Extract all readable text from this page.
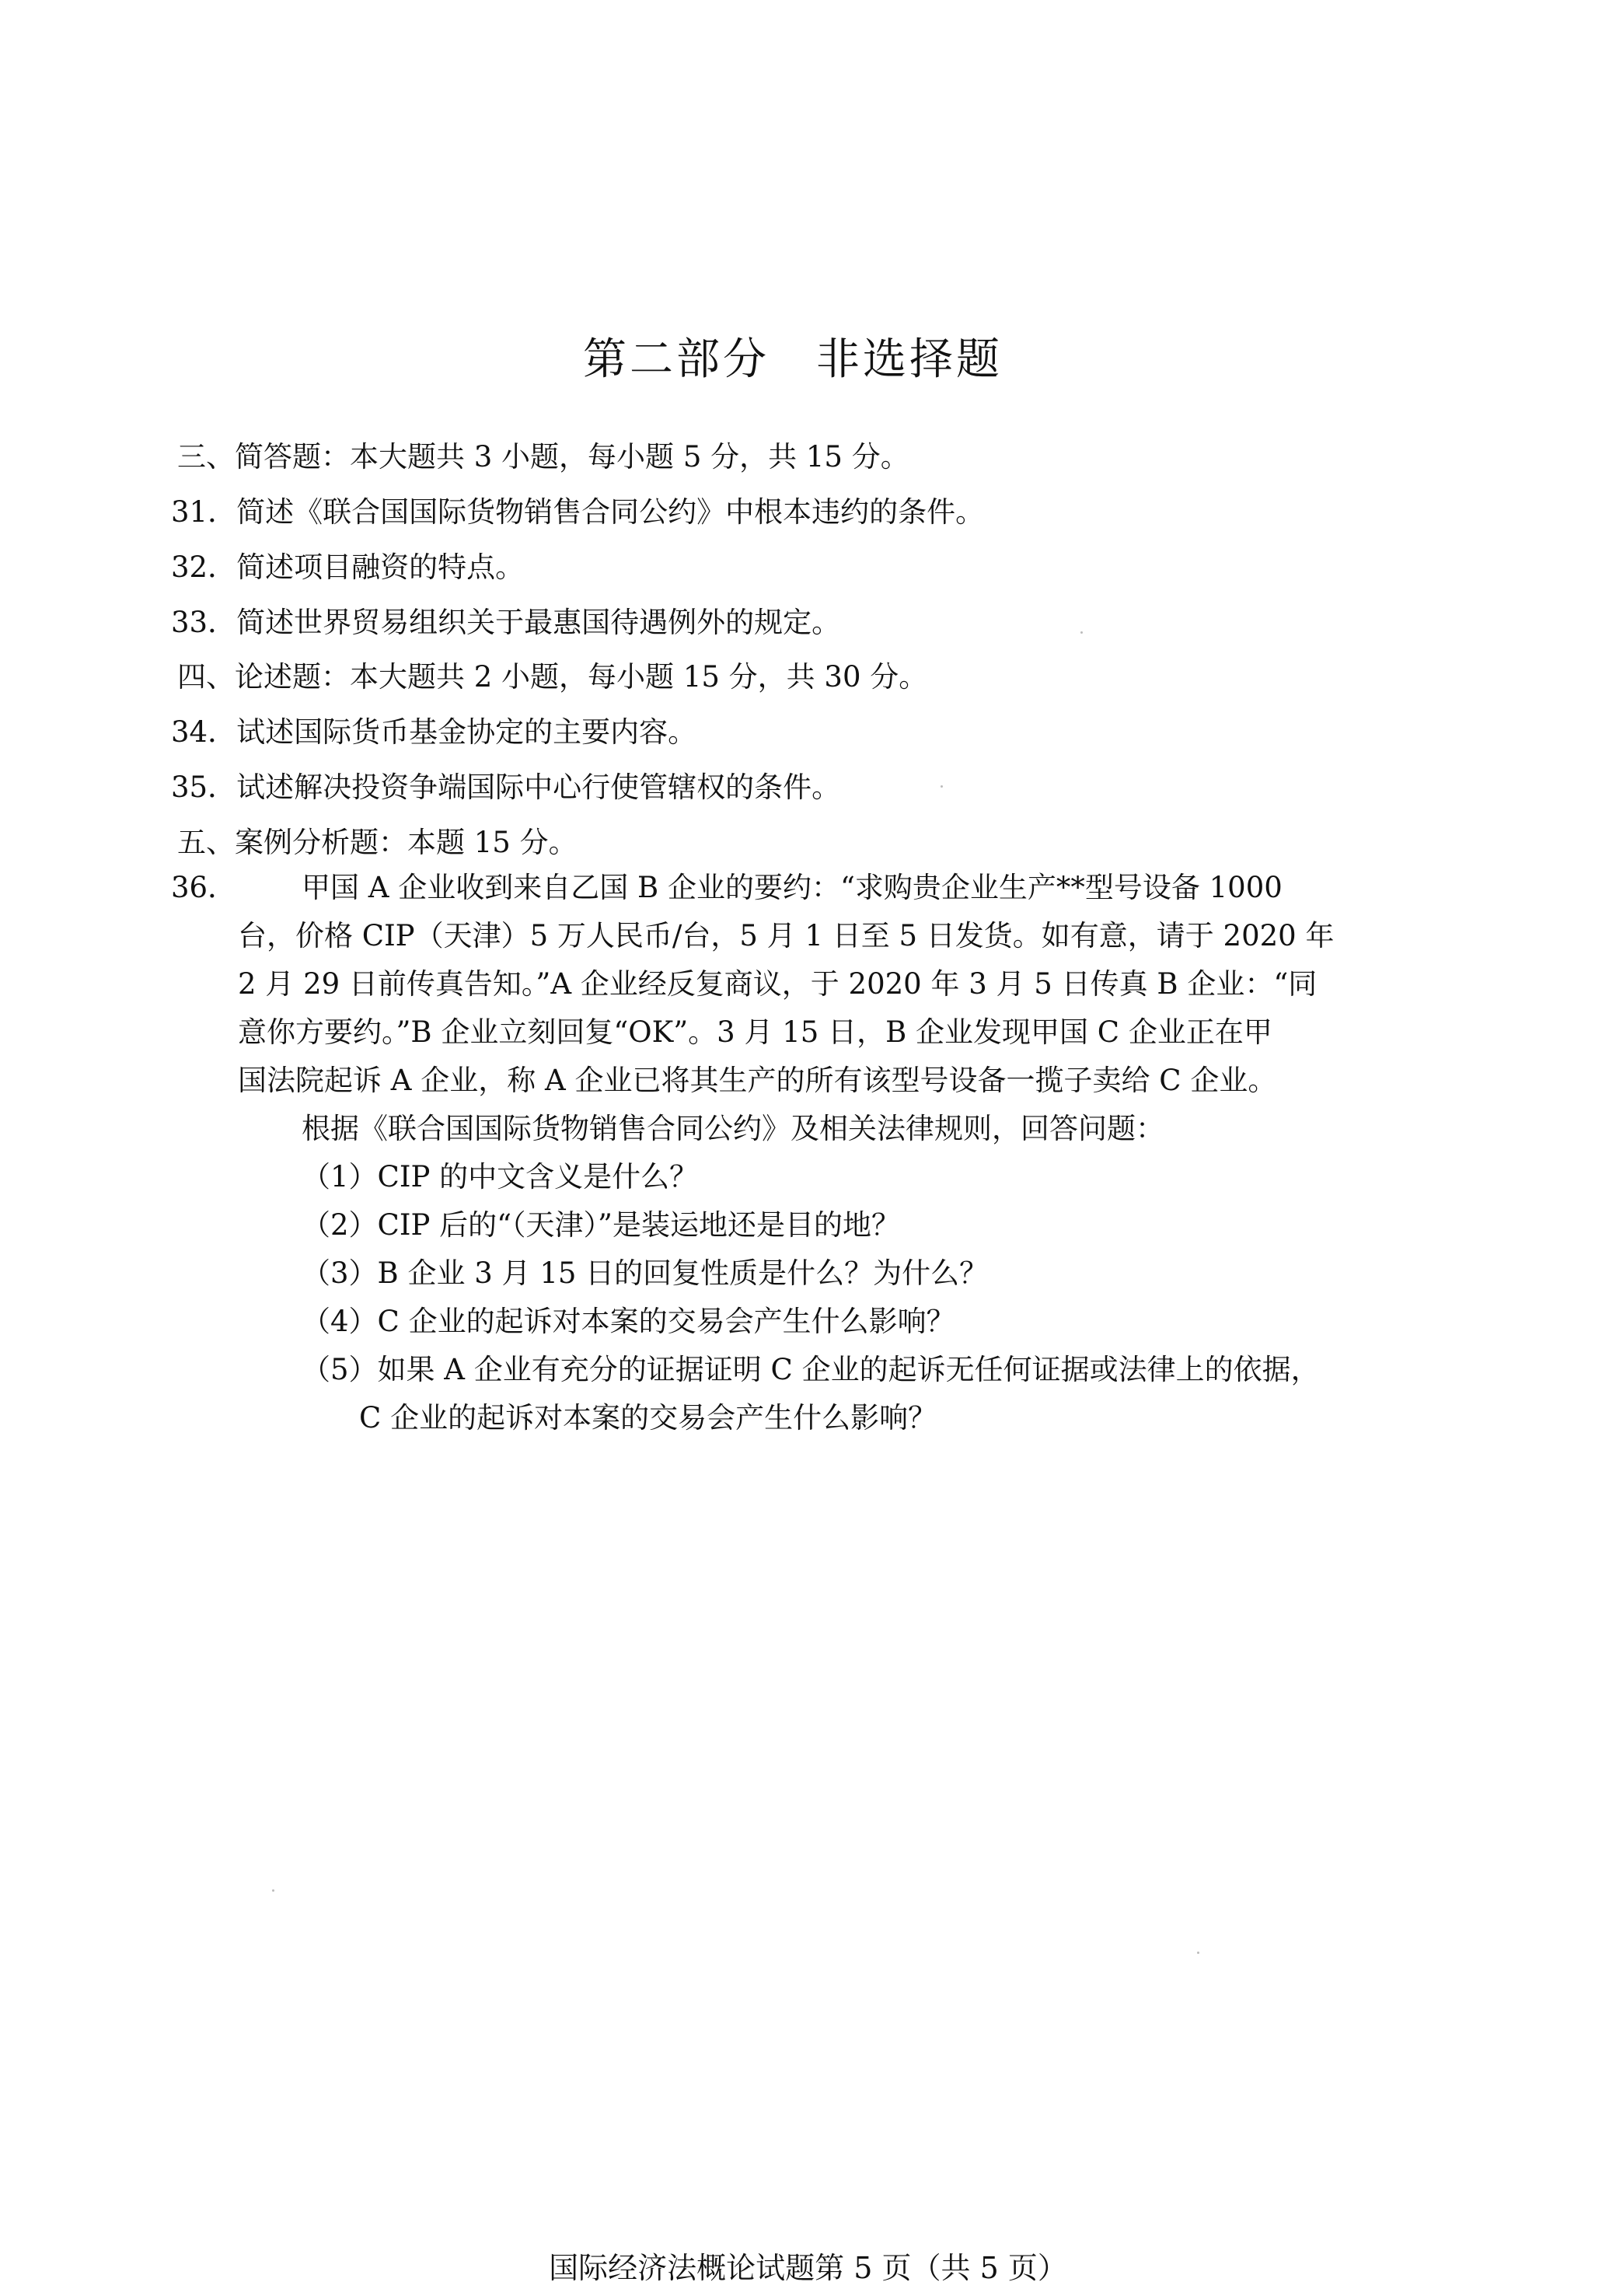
第二部分　非选择题
三、简答题：本大题共 3 小题，每小题 5 分，共 15 分。
31．简述《联合国国际货物销售合同公约》中根本违约的条件。
32．简述项目融资的特点。
33．简述世界贸易组织关于最惠国待遇例外的规定。
四、论述题：本大题共 2 小题，每小题 15 分，共 30 分。
34．试述国际货币基金协定的主要内容。
35．试述解决投资争端国际中心行使管辖权的条件。
五、案例分析题：本题 15 分。
36． 甲国 A 企业收到来自乙国 B 企业的要约：“求购贵企业生产**型号设备 1000
台，价格 CIP（天津）5 万人民币/台，5 月 1 日至 5 日发货。如有意，请于 2020 年
2 月 29 日前传真告知。”A 企业经反复商议，于 2020 年 3 月 5 日传真 B 企业：“同
意你方要约。”B 企业立刻回复“OK”。3 月 15 日，B 企业发现甲国 C 企业正在甲
国法院起诉 A 企业，称 A 企业已将其生产的所有该型号设备一揽子卖给 C 企业。
根据《联合国国际货物销售合同公约》及相关法律规则，回答问题：
（1）CIP 的中文含义是什么？
（2）CIP 后的“（天津）”是装运地还是目的地？
（3）B 企业 3 月 15 日的回复性质是什么？为什么？
（4）C 企业的起诉对本案的交易会产生什么影响？
（5）如果 A 企业有充分的证据证明 C 企业的起诉无任何证据或法律上的依据，
C 企业的起诉对本案的交易会产生什么影响？
国际经济法概论试题第 5 页（共 5 页）
